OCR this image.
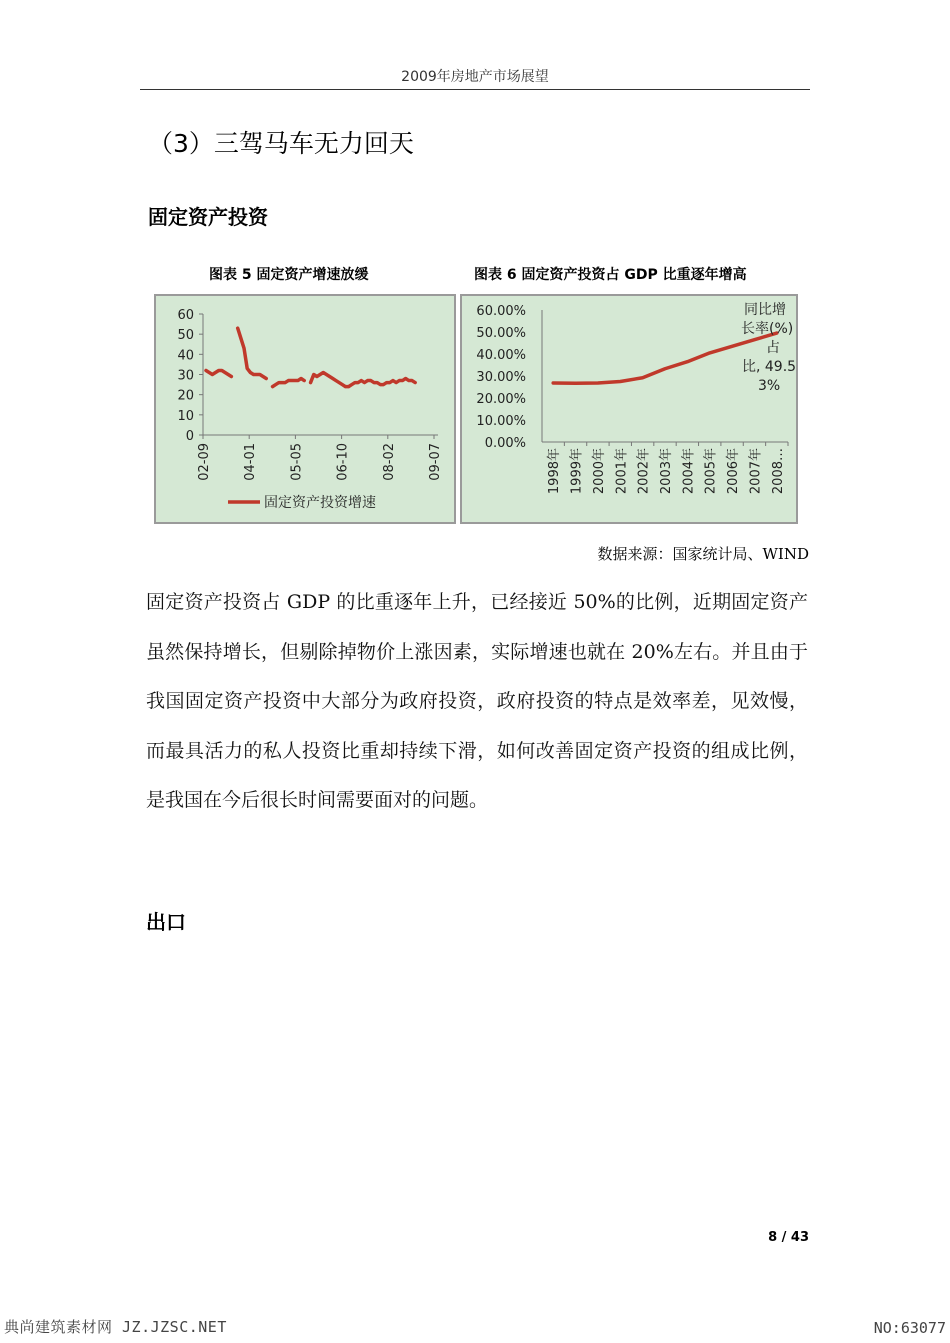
2009年房地产市场展望
（3）三驾马车无力回天
固定资产投资
图表 5 固定资产增速放缓	图表 6 固定资产投资占 GDP 比重逐年增高
0
10
20
30
40
50
60
02-09 04-01 05-05 06-10 08-02 09-07
固定资产投资增速
0.00%
10.00%
20.00%
30.00%
40.00%
50.00%
60.00%
1998年 1999年 2000年 2001年 2002年 2003年 2004年 2005年 2006年 2007年 2008…
同比增
长率(%)
占
比, 49.5
3%
数据来源：国家统计局、WIND

固定资产投资占 GDP 的比重逐年上升，已经接近 50%的比例，近期固定资产虽然保持增长，但剔除掉物价上涨因素，实际增速也就在 20%左右。并且由于我国固定资产投资中大部分为政府投资，政府投资的特点是效率差，见效慢，而最具活力的私人投资比重却持续下滑，如何改善固定资产投资的组成比例，是我国在今后很长时间需要面对的问题。

出口
8 / 43
典尚建筑素材网 JZ.JZSC.NET	NO:63077
